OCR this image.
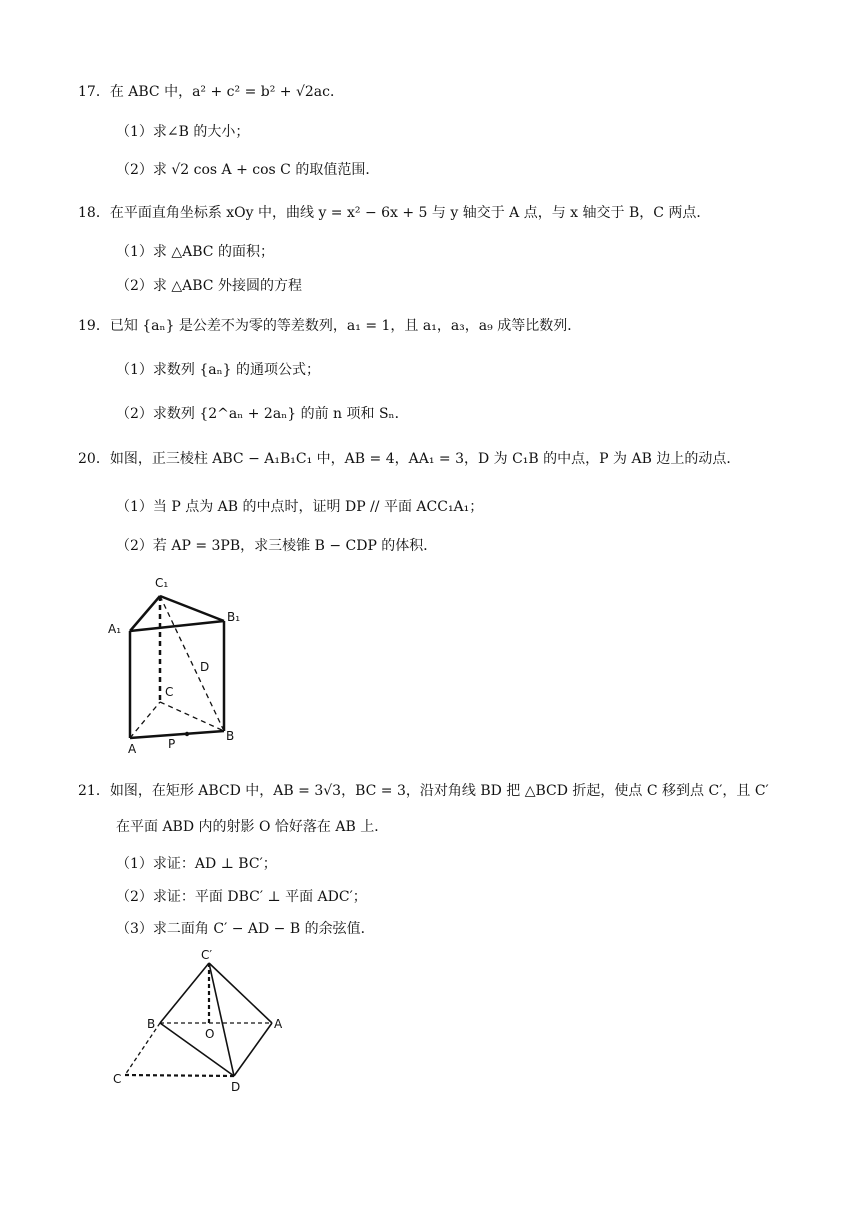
17．在 ABC 中，a² + c² = b² + √2ac．
（1）求∠B 的大小；
（2）求 √2 cos A + cos C 的取值范围．
18．在平面直角坐标系 xOy 中，曲线 y = x² − 6x + 5 与 y 轴交于 A 点，与 x 轴交于 B，C 两点．
（1）求 △ABC 的面积；
（2）求 △ABC 外接圆的方程
19．已知 {aₙ} 是公差不为零的等差数列，a₁ = 1，且 a₁，a₃，a₉ 成等比数列．
（1）求数列 {aₙ} 的通项公式；
（2）求数列 {2^aₙ + 2aₙ} 的前 n 项和 Sₙ．
20．如图，正三棱柱 ABC − A₁B₁C₁ 中，AB = 4，AA₁ = 3，D 为 C₁B 的中点，P 为 AB 边上的动点．
（1）当 P 点为 AB 的中点时，证明 DP // 平面 ACC₁A₁；
（2）若 AP = 3PB，求三棱锥 B − CDP 的体积．
C₁
A₁
B₁
D
C
A	P
B
21．如图，在矩形 ABCD 中，AB = 3√3，BC = 3，沿对角线 BD 把 △BCD 折起，使点 C 移到点 C′，且 C′
在平面 ABD 内的射影 O 恰好落在 AB 上．
（1）求证：AD ⊥ BC′；
（2）求证：平面 DBC′ ⊥ 平面 ADC′；
（3）求二面角 C′ − AD − B 的余弦值．
C′
B
O
A
C
D
